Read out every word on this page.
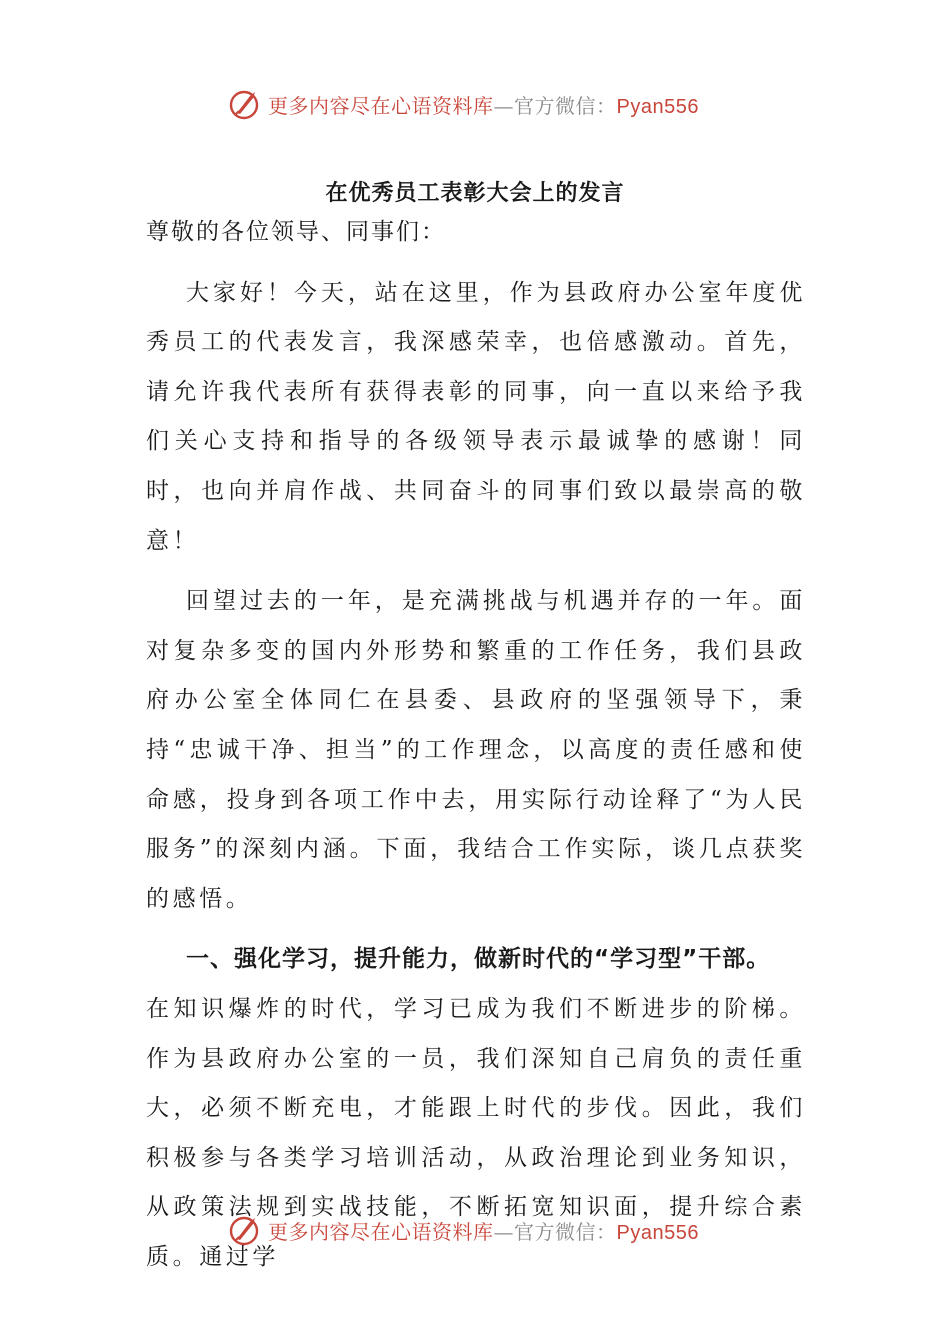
更多内容尽在心语资料库—官方微信：Pyan556
在优秀员工表彰大会上的发言

尊敬的各位领导、同事们：

大家好！今天，站在这里，作为县政府办公室年度优秀员工的代表发言，我深感荣幸，也倍感激动。首先，请允许我代表所有获得表彰的同事，向一直以来给予我们关心支持和指导的各级领导表示最诚挚的感谢！同时，也向并肩作战、共同奋斗的同事们致以最崇高的敬意！

回望过去的一年，是充满挑战与机遇并存的一年。面对复杂多变的国内外形势和繁重的工作任务，我们县政府办公室全体同仁在县委、县政府的坚强领导下，秉持“忠诚干净、担当”的工作理念，以高度的责任感和使命感，投身到各项工作中去，用实际行动诠释了“为人民服务”的深刻内涵。下面，我结合工作实际，谈几点获奖的感悟。

一、强化学习，提升能力，做新时代的“学习型”干部。

在知识爆炸的时代，学习已成为我们不断进步的阶梯。作为县政府办公室的一员，我们深知自己肩负的责任重大，必须不断充电，才能跟上时代的步伐。因此，我们积极参与各类学习培训活动，从政治理论到业务知识，从政策法规到实战技能，不断拓宽知识面，提升综合素质。通过学

更多内容尽在心语资料库—官方微信：Pyan556
